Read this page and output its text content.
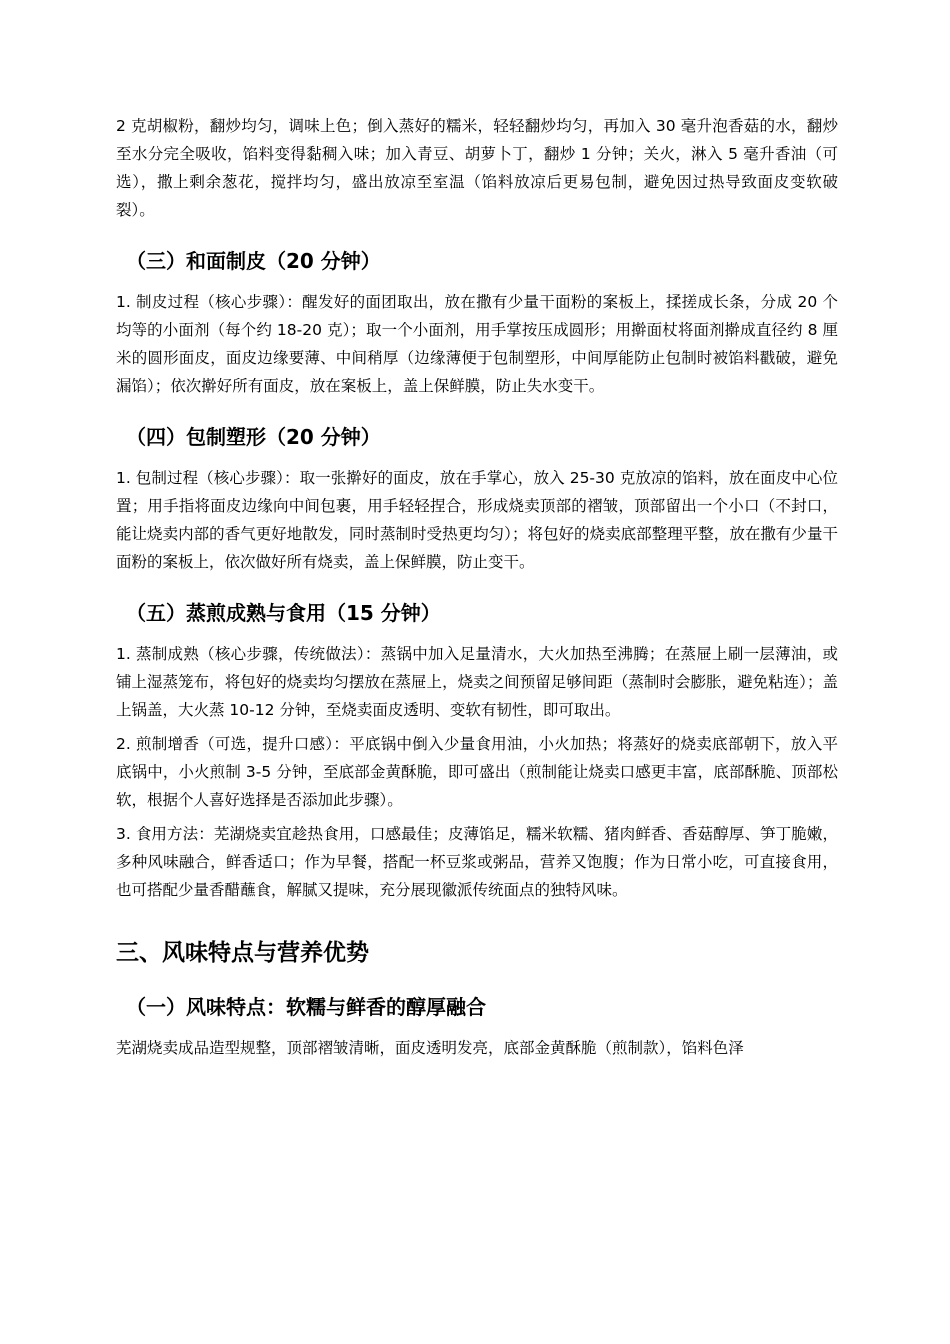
2 克胡椒粉，翻炒均匀，调味上色；倒入蒸好的糯米，轻轻翻炒均匀，再加入 30 毫升泡香菇的水，翻炒至水分完全吸收，馅料变得黏稠入味；加入青豆、胡萝卜丁，翻炒 1 分钟；关火，淋入 5 毫升香油（可选），撒上剩余葱花，搅拌均匀，盛出放凉至室温（馅料放凉后更易包制，避免因过热导致面皮变软破裂）。

（三）和面制皮（20 分钟）

1. 制皮过程（核心步骤）：醒发好的面团取出，放在撒有少量干面粉的案板上，揉搓成长条，分成 20 个均等的小面剂（每个约 18-20 克）；取一个小面剂，用手掌按压成圆形；用擀面杖将面剂擀成直径约 8 厘米的圆形面皮，面皮边缘要薄、中间稍厚（边缘薄便于包制塑形，中间厚能防止包制时被馅料戳破，避免漏馅）；依次擀好所有面皮，放在案板上，盖上保鲜膜，防止失水变干。

（四）包制塑形（20 分钟）

1. 包制过程（核心步骤）：取一张擀好的面皮，放在手掌心，放入 25-30 克放凉的馅料，放在面皮中心位置；用手指将面皮边缘向中间包裹，用手轻轻捏合，形成烧卖顶部的褶皱，顶部留出一个小口（不封口，能让烧卖内部的香气更好地散发，同时蒸制时受热更均匀）；将包好的烧卖底部整理平整，放在撒有少量干面粉的案板上，依次做好所有烧卖，盖上保鲜膜，防止变干。

（五）蒸煎成熟与食用（15 分钟）

1. 蒸制成熟（核心步骤，传统做法）：蒸锅中加入足量清水，大火加热至沸腾；在蒸屉上刷一层薄油，或铺上湿蒸笼布，将包好的烧卖均匀摆放在蒸屉上，烧卖之间预留足够间距（蒸制时会膨胀，避免粘连）；盖上锅盖，大火蒸 10-12 分钟，至烧卖面皮透明、变软有韧性，即可取出。

2. 煎制增香（可选，提升口感）：平底锅中倒入少量食用油，小火加热；将蒸好的烧卖底部朝下，放入平底锅中，小火煎制 3-5 分钟，至底部金黄酥脆，即可盛出（煎制能让烧卖口感更丰富，底部酥脆、顶部松软，根据个人喜好选择是否添加此步骤）。

3. 食用方法：芜湖烧卖宜趁热食用，口感最佳；皮薄馅足，糯米软糯、猪肉鲜香、香菇醇厚、笋丁脆嫩，多种风味融合，鲜香适口；作为早餐，搭配一杯豆浆或粥品，营养又饱腹；作为日常小吃，可直接食用，也可搭配少量香醋蘸食，解腻又提味，充分展现徽派传统面点的独特风味。

三、风味特点与营养优势
（一）风味特点：软糯与鲜香的醇厚融合

芜湖烧卖成品造型规整，顶部褶皱清晰，面皮透明发亮，底部金黄酥脆（煎制款），馅料色泽
